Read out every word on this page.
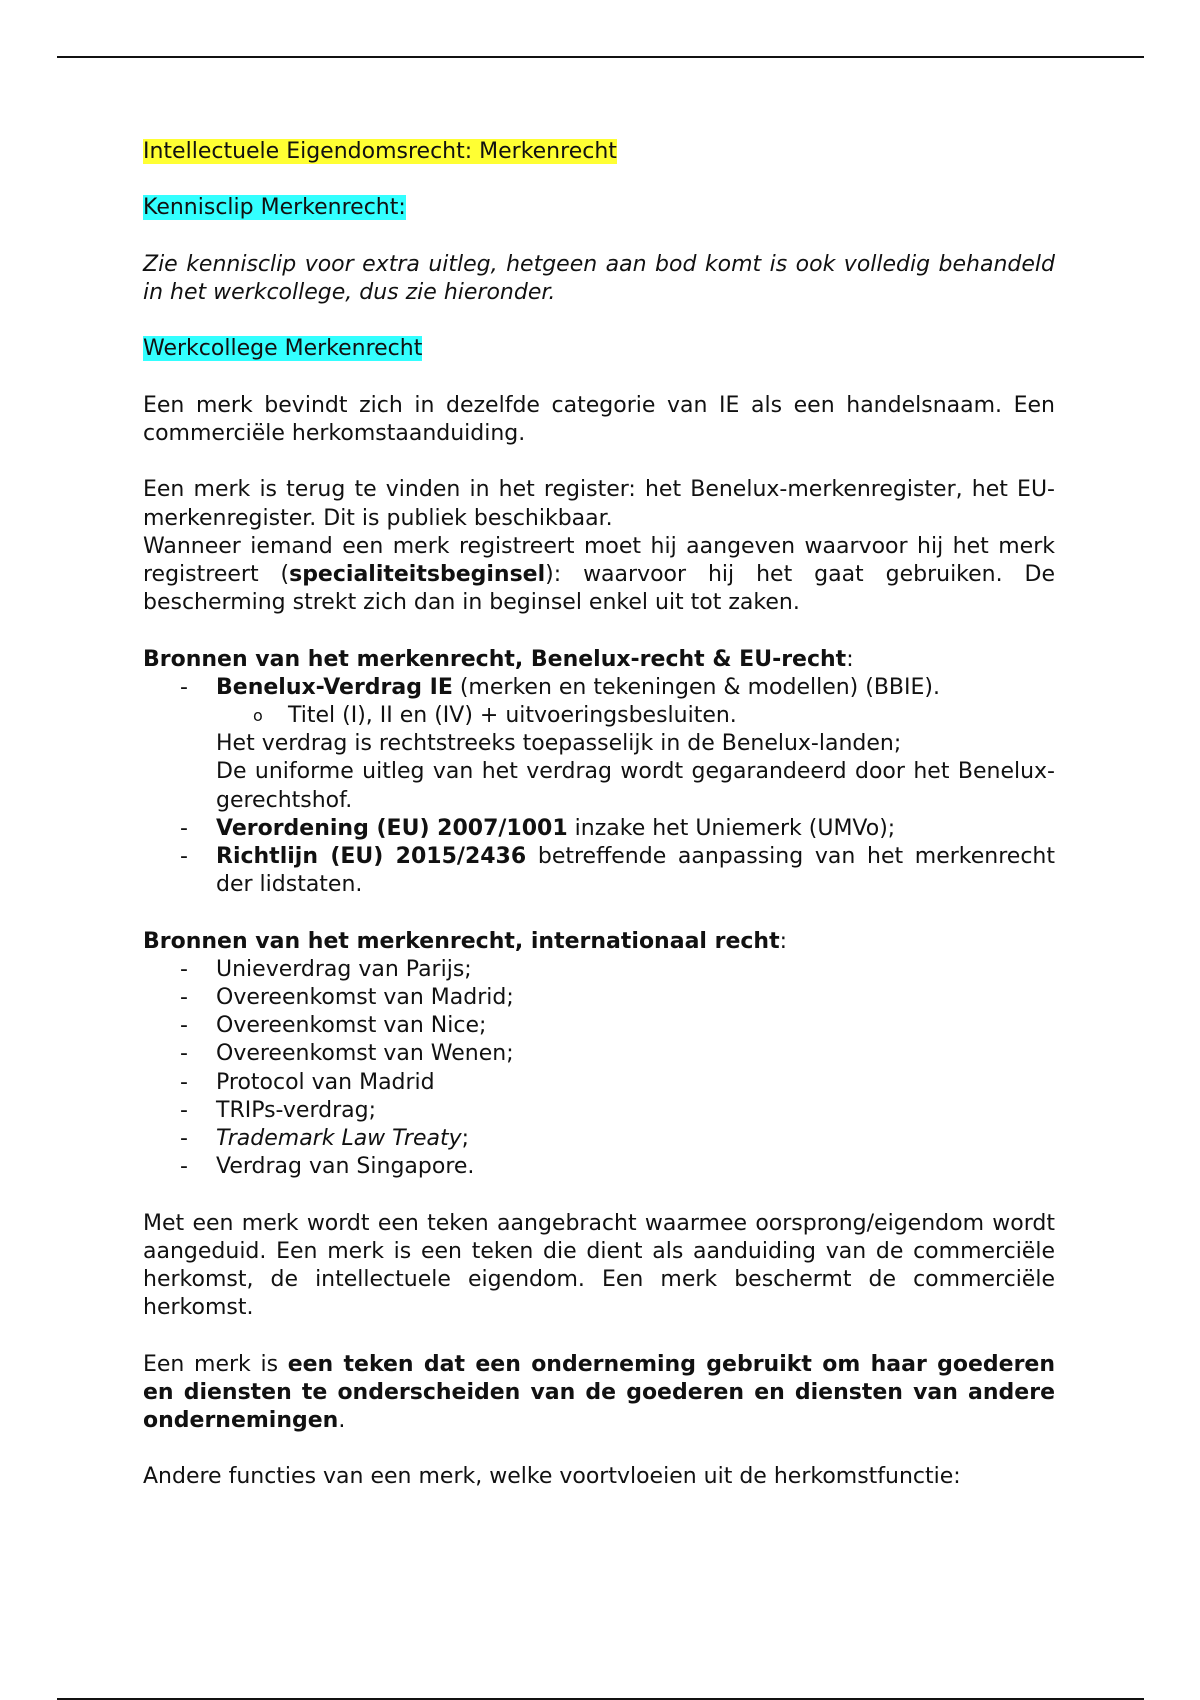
Intellectuele Eigendomsrecht: Merkenrecht

Kennisclip Merkenrecht:

Zie kennisclip voor extra uitleg, hetgeen aan bod komt is ook volledig behandeld in het werkcollege, dus zie hieronder.

Werkcollege Merkenrecht

Een merk bevindt zich in dezelfde categorie van IE als een handelsnaam. Een commerciële herkomstaanduiding.

Een merk is terug te vinden in het register: het Benelux-merkenregister, het EU-merkenregister. Dit is publiek beschikbaar.

Wanneer iemand een merk registreert moet hij aangeven waarvoor hij het merk registreert (specialiteitsbeginsel): waarvoor hij het gaat gebruiken. De bescherming strekt zich dan in beginsel enkel uit tot zaken.

Bronnen van het merkenrecht, Benelux-recht & EU-recht:

- Benelux-Verdrag IE (merken en tekeningen & modellen) (BBIE).
o Titel (I), II en (IV) + uitvoeringsbesluiten.
Het verdrag is rechtstreeks toepasselijk in de Benelux-landen;
De uniforme uitleg van het verdrag wordt gegarandeerd door het Benelux-gerechtshof.
- Verordening (EU) 2007/1001 inzake het Uniemerk (UMVo);
- Richtlijn (EU) 2015/2436 betreffende aanpassing van het merkenrecht der lidstaten.

Bronnen van het merkenrecht, internationaal recht:

- Unieverdrag van Parijs;
- Overeenkomst van Madrid;
- Overeenkomst van Nice;
- Overeenkomst van Wenen;
- Protocol van Madrid
- TRIPs-verdrag;
- Trademark Law Treaty;
- Verdrag van Singapore.

Met een merk wordt een teken aangebracht waarmee oorsprong/eigendom wordt aangeduid. Een merk is een teken die dient als aanduiding van de commerciële herkomst, de intellectuele eigendom. Een merk beschermt de commerciële herkomst.

Een merk is een teken dat een onderneming gebruikt om haar goederen en diensten te onderscheiden van de goederen en diensten van andere ondernemingen.

Andere functies van een merk, welke voortvloeien uit de herkomstfunctie:
